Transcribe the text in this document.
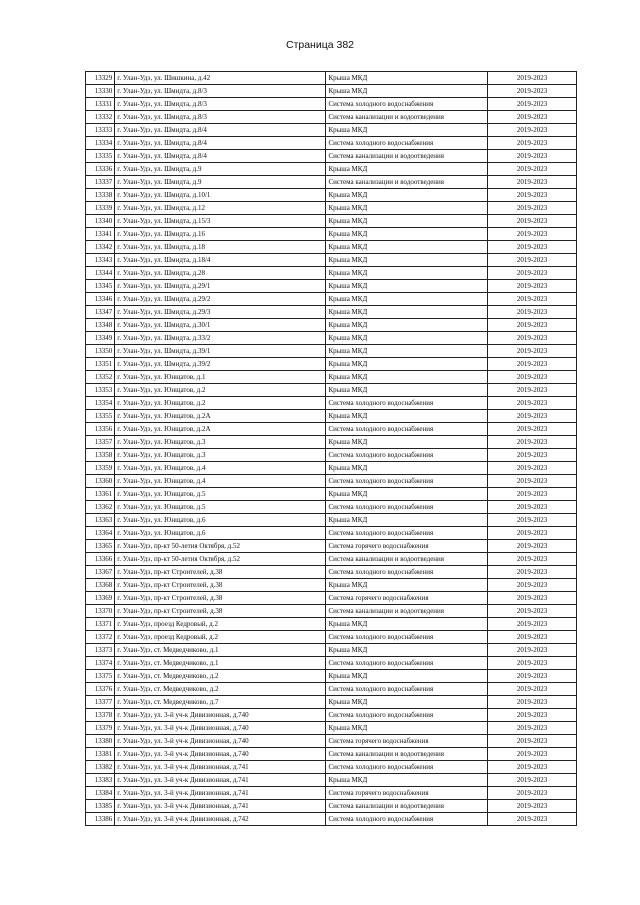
Страница 382
13329	г. Улан-Удэ, ул. Шишкина, д.42	Крыша МКД	2019-2023
13330	г. Улан-Удэ, ул. Шмидта, д.8/3	Крыша МКД	2019-2023
13331	г. Улан-Удэ, ул. Шмидта, д.8/3	Система холодного водоснабжения	2019-2023
13332	г. Улан-Удэ, ул. Шмидта, д.8/3	Система канализации и водоотведения	2019-2023
13333	г. Улан-Удэ, ул. Шмидта, д.8/4	Крыша МКД	2019-2023
13334	г. Улан-Удэ, ул. Шмидта, д.8/4	Система холодного водоснабжения	2019-2023
13335	г. Улан-Удэ, ул. Шмидта, д.8/4	Система канализации и водоотведения	2019-2023
13336	г. Улан-Удэ, ул. Шмидта, д.9	Крыша МКД	2019-2023
13337	г. Улан-Удэ, ул. Шмидта, д.9	Система канализации и водоотведения	2019-2023
13338	г. Улан-Удэ, ул. Шмидта, д.10/1	Крыша МКД	2019-2023
13339	г. Улан-Удэ, ул. Шмидта, д.12	Крыша МКД	2019-2023
13340	г. Улан-Удэ, ул. Шмидта, д.15/3	Крыша МКД	2019-2023
13341	г. Улан-Удэ, ул. Шмидта, д.16	Крыша МКД	2019-2023
13342	г. Улан-Удэ, ул. Шмидта, д.18	Крыша МКД	2019-2023
13343	г. Улан-Удэ, ул. Шмидта, д.18/4	Крыша МКД	2019-2023
13344	г. Улан-Удэ, ул. Шмидта, д.28	Крыша МКД	2019-2023
13345	г. Улан-Удэ, ул. Шмидта, д.29/1	Крыша МКД	2019-2023
13346	г. Улан-Удэ, ул. Шмидта, д.29/2	Крыша МКД	2019-2023
13347	г. Улан-Удэ, ул. Шмидта, д.29/3	Крыша МКД	2019-2023
13348	г. Улан-Удэ, ул. Шмидта, д.30/1	Крыша МКД	2019-2023
13349	г. Улан-Удэ, ул. Шмидта, д.33/2	Крыша МКД	2019-2023
13350	г. Улан-Удэ, ул. Шмидта, д.39/1	Крыша МКД	2019-2023
13351	г. Улан-Удэ, ул. Шмидта, д.39/2	Крыша МКД	2019-2023
13352	г. Улан-Удэ, ул. Юнщатов, д.1	Крыша МКД	2019-2023
13353	г. Улан-Удэ, ул. Юнщатов, д.2	Крыша МКД	2019-2023
13354	г. Улан-Удэ, ул. Юнщатов, д.2	Система холодного водоснабжения	2019-2023
13355	г. Улан-Удэ, ул. Юнщатов, д.2А	Крыша МКД	2019-2023
13356	г. Улан-Удэ, ул. Юнщатов, д.2А	Система холодного водоснабжения	2019-2023
13357	г. Улан-Удэ, ул. Юнщатов, д.3	Крыша МКД	2019-2023
13358	г. Улан-Удэ, ул. Юнщатов, д.3	Система холодного водоснабжения	2019-2023
13359	г. Улан-Удэ, ул. Юнщатов, д.4	Крыша МКД	2019-2023
13360	г. Улан-Удэ, ул. Юнщатов, д.4	Система холодного водоснабжения	2019-2023
13361	г. Улан-Удэ, ул. Юнщатов, д.5	Крыша МКД	2019-2023
13362	г. Улан-Удэ, ул. Юнщатов, д.5	Система холодного водоснабжения	2019-2023
13363	г. Улан-Удэ, ул. Юнщатов, д.6	Крыша МКД	2019-2023
13364	г. Улан-Удэ, ул. Юнщатов, д.6	Система холодного водоснабжения	2019-2023
13365	г. Улан-Удэ, пр-кт 50-летия Октября, д.52	Система горячего водоснабжения	2019-2023
13366	г. Улан-Удэ, пр-кт 50-летия Октября, д.52	Система канализации и водоотведения	2019-2023
13367	г. Улан-Удэ, пр-кт Строителей, д.38	Система холодного водоснабжения	2019-2023
13368	г. Улан-Удэ, пр-кт Строителей, д.38	Крыша МКД	2019-2023
13369	г. Улан-Удэ, пр-кт Строителей, д.38	Система горячего водоснабжения	2019-2023
13370	г. Улан-Удэ, пр-кт Строителей, д.38	Система канализации и водоотведения	2019-2023
13371	г. Улан-Удэ, проезд Кедровый, д.2	Крыша МКД	2019-2023
13372	г. Улан-Удэ, проезд Кедровый, д.2	Система холодного водоснабжения	2019-2023
13373	г. Улан-Удэ, ст. Медведчиково, д.1	Крыша МКД	2019-2023
13374	г. Улан-Удэ, ст. Медведчиково, д.1	Система холодного водоснабжения	2019-2023
13375	г. Улан-Удэ, ст. Медведчиково, д.2	Крыша МКД	2019-2023
13376	г. Улан-Удэ, ст. Медведчиково, д.2	Система холодного водоснабжения	2019-2023
13377	г. Улан-Удэ, ст. Медведчиково, д.7	Крыша МКД	2019-2023
13378	г. Улан-Удэ, ул. 3-й уч-к Дивизионная, д.740	Система холодного водоснабжения	2019-2023
13379	г. Улан-Удэ, ул. 3-й уч-к Дивизионная, д.740	Крыша МКД	2019-2023
13380	г. Улан-Удэ, ул. 3-й уч-к Дивизионная, д.740	Система горячего водоснабжения	2019-2023
13381	г. Улан-Удэ, ул. 3-й уч-к Дивизионная, д.740	Система канализации и водоотведения	2019-2023
13382	г. Улан-Удэ, ул. 3-й уч-к Дивизионная, д.741	Система холодного водоснабжения	2019-2023
13383	г. Улан-Удэ, ул. 3-й уч-к Дивизионная, д.741	Крыша МКД	2019-2023
13384	г. Улан-Удэ, ул. 3-й уч-к Дивизионная, д.741	Система горячего водоснабжения	2019-2023
13385	г. Улан-Удэ, ул. 3-й уч-к Дивизионная, д.741	Система канализации и водоотведения	2019-2023
13386	г. Улан-Удэ, ул. 3-й уч-к Дивизионная, д.742	Система холодного водоснабжения	2019-2023
